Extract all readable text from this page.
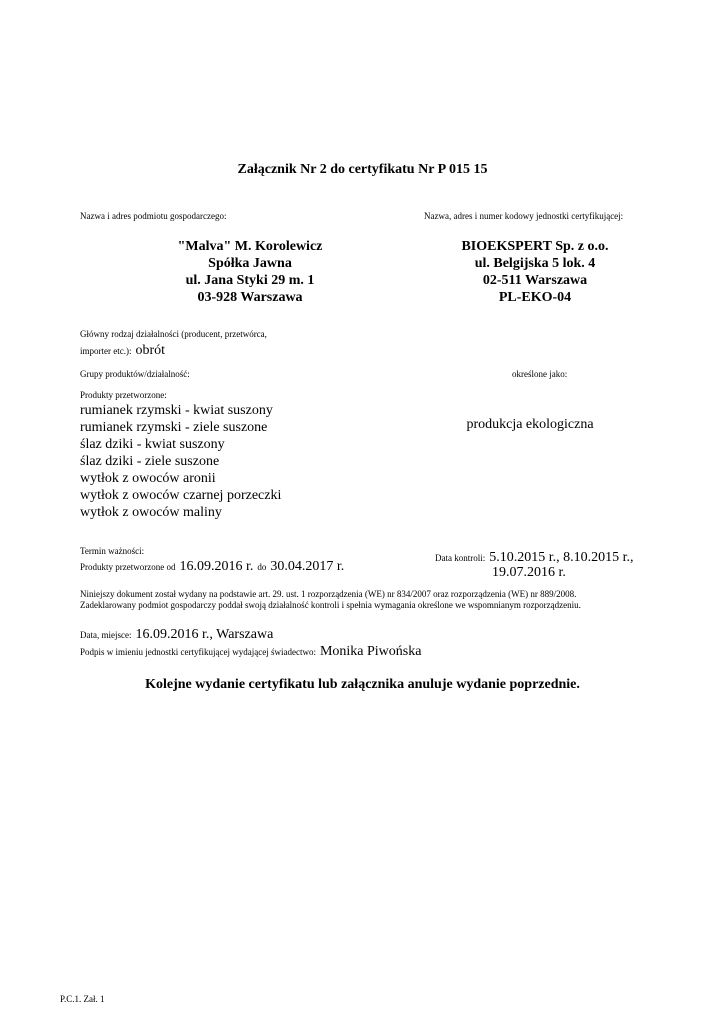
Załącznik Nr 2 do certyfikatu Nr P 015 15
Nazwa i adres podmiotu gospodarczego:
"Malva" M. Korolewicz
Spółka Jawna
ul. Jana Styki 29 m. 1
03-928 Warszawa
Nazwa, adres i numer kodowy jednostki certyfikującej:
BIOEKSPERT Sp. z o.o.
ul. Belgijska 5 lok. 4
02-511 Warszawa
PL-EKO-04
Główny rodzaj działalności (producent, przetwórca,
importer etc.): obrót
Grupy produktów/działalność:	określone jako:
Produkty przetworzone:
rumianek rzymski - kwiat suszony
rumianek rzymski - ziele suszone
ślaz dziki - kwiat suszony
ślaz dziki - ziele suszone
wytłok z owoców aronii
wytłok z owoców czarnej porzeczki
wytłok z owoców maliny
produkcja ekologiczna
Termin ważności:
Produkty przetworzone od 16.09.2016 r. do 30.04.2017 r.
Data kontroli: 5.10.2015 r., 8.10.2015 r.,
19.07.2016 r.
Niniejszy dokument został wydany na podstawie art. 29. ust. 1 rozporządzenia (WE) nr 834/2007 oraz rozporządzenia (WE) nr 889/2008.
Zadeklarowany podmiot gospodarczy poddał swoją działalność kontroli i spełnia wymagania określone we wspomnianym rozporządzeniu.
Data, miejsce: 16.09.2016 r., Warszawa
Podpis w imieniu jednostki certyfikującej wydającej świadectwo: Monika Piwońska
Kolejne wydanie certyfikatu lub załącznika anuluje wydanie poprzednie.
P.C.1. Zał. 1
